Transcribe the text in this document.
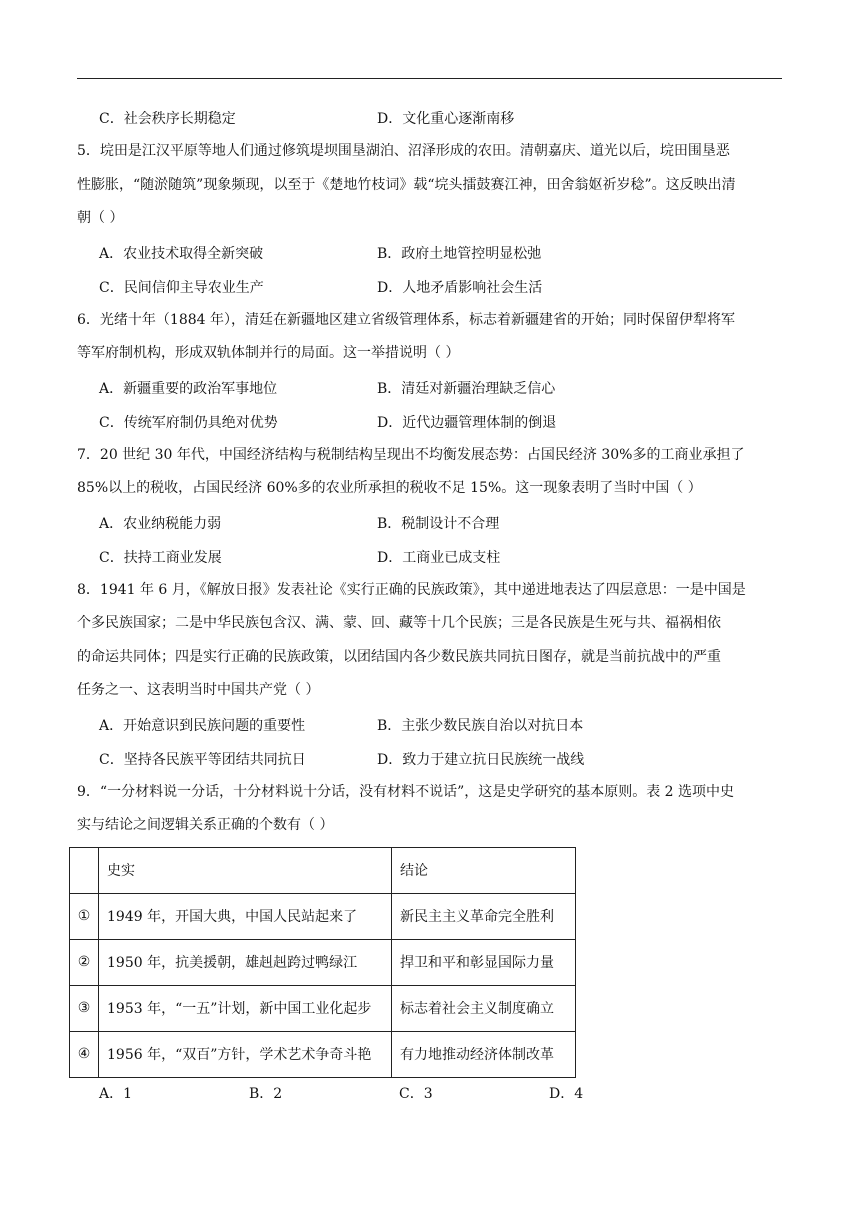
C．社会秩序长期稳定	D．文化重心逐渐南移

5．垸田是江汉平原等地人们通过修筑堤坝围垦湖泊、沼泽形成的农田。清朝嘉庆、道光以后，垸田围垦恶

性膨胀，“随淤随筑”现象频现，以至于《楚地竹枝词》载“垸头擂鼓赛江神，田舍翁妪祈岁稔”。这反映出清

朝（ ）

A．农业技术取得全新突破	B．政府土地管控明显松弛
C．民间信仰主导农业生产	D．人地矛盾影响社会生活

6．光绪十年（1884 年），清廷在新疆地区建立省级管理体系，标志着新疆建省的开始；同时保留伊犁将军

等军府制机构，形成双轨体制并行的局面。这一举措说明（ ）

A．新疆重要的政治军事地位	B．清廷对新疆治理缺乏信心
C．传统军府制仍具绝对优势	D．近代边疆管理体制的倒退

7．20 世纪 30 年代，中国经济结构与税制结构呈现出不均衡发展态势：占国民经济 30%多的工商业承担了

85%以上的税收，占国民经济 60%多的农业所承担的税收不足 15%。这一现象表明了当时中国（ ）

A．农业纳税能力弱	B．税制设计不合理
C．扶持工商业发展	D．工商业已成支柱

8．1941 年 6 月，《解放日报》发表社论《实行正确的民族政策》，其中递进地表达了四层意思：一是中国是

个多民族国家；二是中华民族包含汉、满、蒙、回、藏等十几个民族；三是各民族是生死与共、福祸相依

的命运共同体；四是实行正确的民族政策，以团结国内各少数民族共同抗日图存，就是当前抗战中的严重

任务之一、这表明当时中国共产党（ ）

A．开始意识到民族问题的重要性	B．主张少数民族自治以对抗日本
C．坚持各民族平等团结共同抗日	D．致力于建立抗日民族统一战线

9．“一分材料说一分话，十分材料说十分话，没有材料不说话”，这是史学研究的基本原则。表 2 选项中史

实与结论之间逻辑关系正确的个数有（ ）

	史实	结论
①	1949 年，开国大典，中国人民站起来了	新民主主义革命完全胜利
②	1950 年，抗美援朝，雄赳赳跨过鸭绿江	捍卫和平和彰显国际力量
③	1953 年，“一五”计划，新中国工业化起步	标志着社会主义制度确立
④	1956 年，“双百”方针，学术艺术争奇斗艳	有力地推动经济体制改革
A．1	B．2	C．3	D．4
